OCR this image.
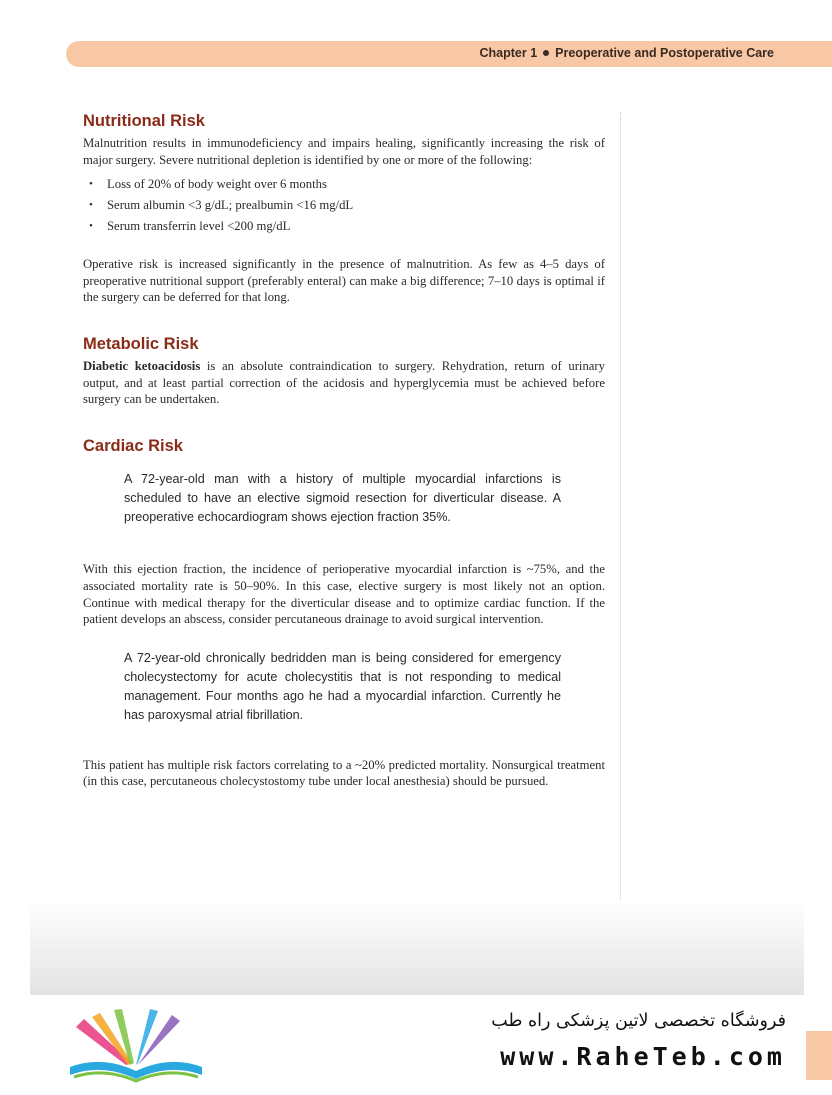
Chapter 1 Preoperative and Postoperative Care
Nutritional Risk

Malnutrition results in immunodeficiency and impairs healing, significantly increasing the risk of major surgery. Severe nutritional depletion is identified by one or more of the following:

• Loss of 20% of body weight over 6 months
• Serum albumin <3 g/dL; prealbumin <16 mg/dL
• Serum transferrin level <200 mg/dL

Operative risk is increased significantly in the presence of malnutrition. As few as 4–5 days of preoperative nutritional support (preferably enteral) can make a big difference; 7–10 days is optimal if the surgery can be deferred for that long.

Metabolic Risk

Diabetic ketoacidosis is an absolute contraindication to surgery. Rehydration, return of urinary output, and at least partial correction of the acidosis and hyperglycemia must be achieved before surgery can be undertaken.

Cardiac Risk
A 72-year-old man with a history of multiple myocardial infarctions is scheduled to have an elective sigmoid resection for diverticular disease. A preoperative echocardiogram shows ejection fraction 35%.

With this ejection fraction, the incidence of perioperative myocardial infarction is ~75%, and the associated mortality rate is 50–90%. In this case, elective surgery is most likely not an option. Continue with medical therapy for the diverticular disease and to optimize cardiac function. If the patient develops an abscess, consider percutaneous drainage to avoid surgical intervention.

A 72-year-old chronically bedridden man is being considered for emergency cholecystectomy for acute cholecystitis that is not responding to medical management. Four months ago he had a myocardial infarction. Currently he has paroxysmal atrial fibrillation.

This patient has multiple risk factors correlating to a ~20% predicted mortality. Nonsurgical treatment (in this case, percutaneous cholecystostomy tube under local anesthesia) should be pursued.

فروشگاه تخصصی لاتین پزشکی راه طب
www.RaheTeb.com
